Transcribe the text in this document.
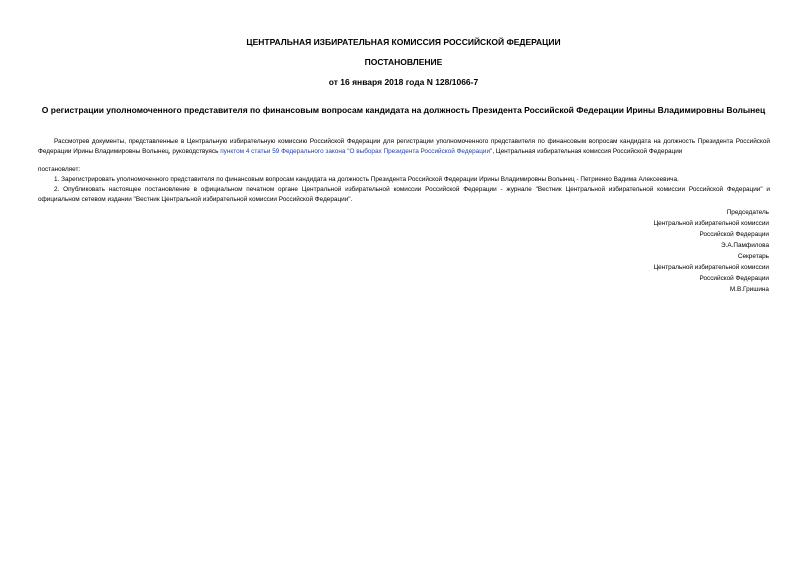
ЦЕНТРАЛЬНАЯ ИЗБИРАТЕЛЬНАЯ КОМИССИЯ РОССИЙСКОЙ ФЕДЕРАЦИИ
ПОСТАНОВЛЕНИЕ
от 16 января 2018 года N 128/1066-7
О регистрации уполномоченного представителя по финансовым вопросам кандидата на должность Президента Российской Федерации Ирины Владимировны Волынец
Рассмотрев документы, представленные в Центральную избирательную комиссию Российской Федерации для регистрации уполномоченного представителя по финансовым вопросам кандидата на должность Президента Российской Федерации Ирины Владимировны Волынец, руководствуясь пунктом 4 статьи 59 Федерального закона "О выборах Президента Российской Федерации", Центральная избирательная комиссия Российской Федерации
постановляет:
1. Зарегистрировать уполномоченного представителя по финансовым вопросам кандидата на должность Президента Российской Федерации Ирины Владимировны Волынец - Петриенко Вадима Алексеевича.
2. Опубликовать настоящее постановление в официальном печатном органе Центральной избирательной комиссии Российской Федерации - журнале "Вестник Центральной избирательной комиссии Российской Федерации" и официальном сетевом издании "Вестник Центральной избирательной комиссии Российской Федерации".
Председатель
Центральной избирательной комиссии
Российской Федерации
Э.А.Памфилова
Секретарь
Центральной избирательной комиссии
Российской Федерации
М.В.Гришина
